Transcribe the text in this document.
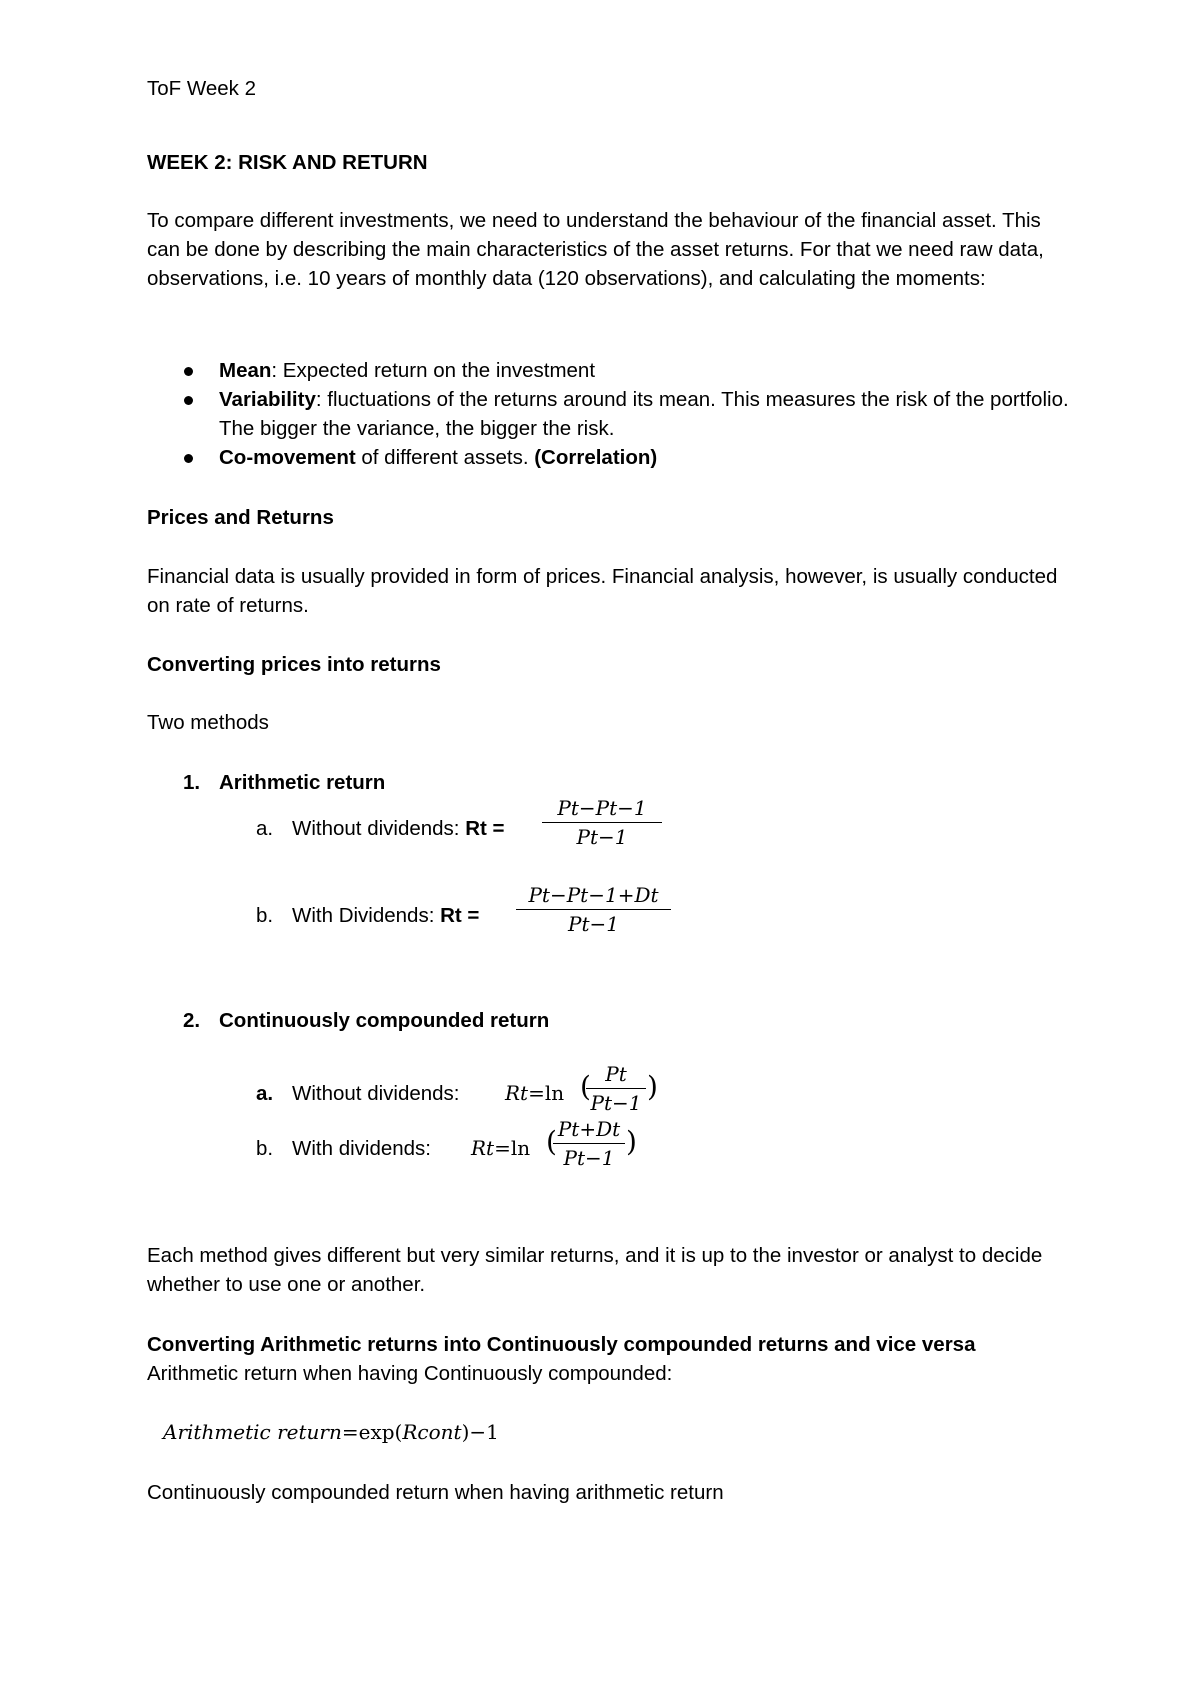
ToF Week 2
WEEK 2: RISK AND RETURN
To compare different investments, we need to understand the behaviour of the financial asset. This can be done by describing the main characteristics of the asset returns. For that we need raw data, observations, i.e. 10 years of monthly data (120 observations), and calculating the moments:
Mean: Expected return on the investment
Variability: fluctuations of the returns around its mean. This measures the risk of the portfolio. The bigger the variance, the bigger the risk.
Co-movement of different assets. (Correlation)
Prices and Returns
Financial data is usually provided in form of prices. Financial analysis, however, is usually conducted on rate of returns.
Converting prices into returns
Two methods
1. Arithmetic return
a. Without dividends: Rt =
Pt−Pt−1
Pt−1
b. With Dividends: Rt =
Pt−Pt−1+Dt
Pt−1
2. Continuously compounded return
a. Without dividends: Rt=ln ( Pt
Pt−1 )
b. With dividends: Rt=ln ( Pt+Dt
Pt−1 )
Each method gives different but very similar returns, and it is up to the investor or analyst to decide whether to use one or another.
Converting Arithmetic returns into Continuously compounded returns and vice versa
Arithmetic return when having Continuously compounded:
Arithmetic return=exp(Rcont)−1
Continuously compounded return when having arithmetic return
